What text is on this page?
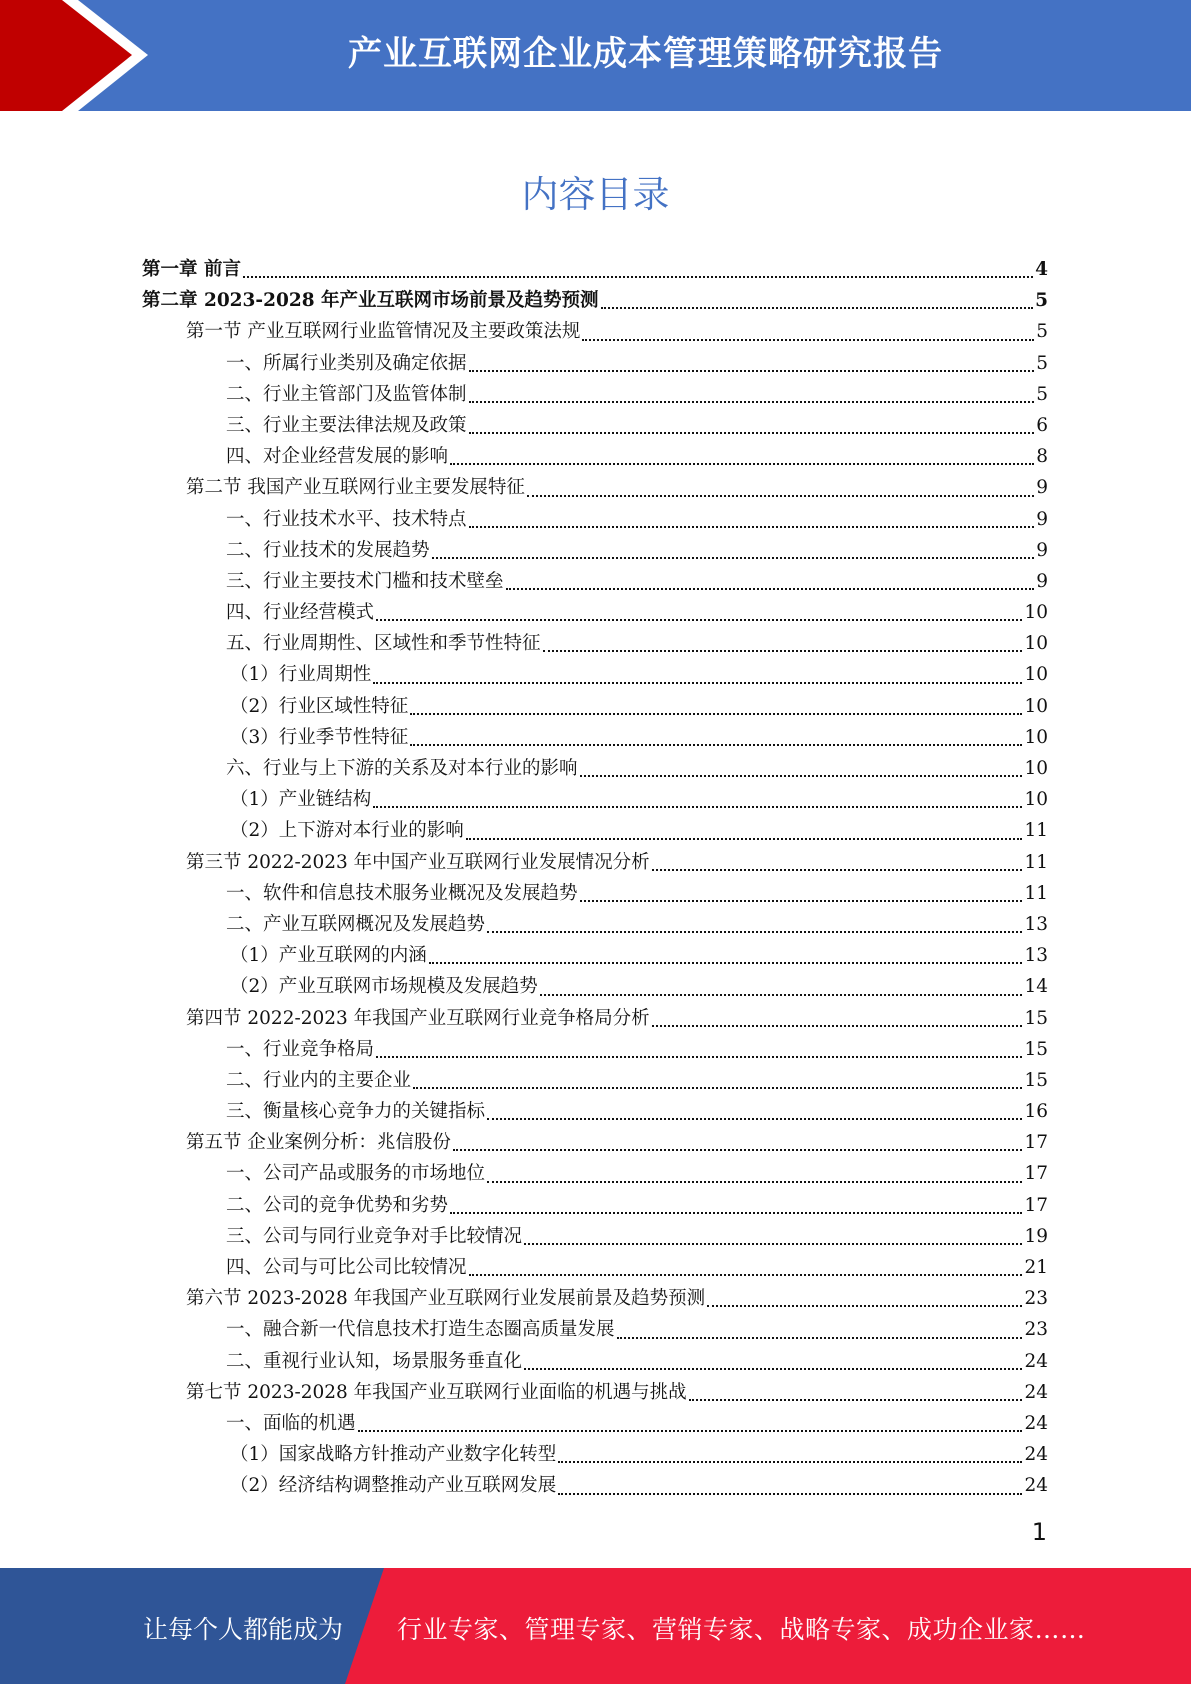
产业互联网企业成本管理策略研究报告
内容目录
第一章 前言	4
第二章 2023-2028 年产业互联网市场前景及趋势预测	5
第一节 产业互联网行业监管情况及主要政策法规	5
一、所属行业类别及确定依据	5
二、行业主管部门及监管体制	5
三、行业主要法律法规及政策	6
四、对企业经营发展的影响	8
第二节 我国产业互联网行业主要发展特征	9
一、行业技术水平、技术特点	9
二、行业技术的发展趋势	9
三、行业主要技术门槛和技术壁垒	9
四、行业经营模式	10
五、行业周期性、区域性和季节性特征	10
（1）行业周期性	10
（2）行业区域性特征	10
（3）行业季节性特征	10
六、行业与上下游的关系及对本行业的影响	10
（1）产业链结构	10
（2）上下游对本行业的影响	11
第三节 2022-2023 年中国产业互联网行业发展情况分析	11
一、软件和信息技术服务业概况及发展趋势	11
二、产业互联网概况及发展趋势	13
（1）产业互联网的内涵	13
（2）产业互联网市场规模及发展趋势	14
第四节 2022-2023 年我国产业互联网行业竞争格局分析	15
一、行业竞争格局	15
二、行业内的主要企业	15
三、衡量核心竞争力的关键指标	16
第五节 企业案例分析：兆信股份	17
一、公司产品或服务的市场地位	17
二、公司的竞争优势和劣势	17
三、公司与同行业竞争对手比较情况	19
四、公司与可比公司比较情况	21
第六节 2023-2028 年我国产业互联网行业发展前景及趋势预测	23
一、融合新一代信息技术打造生态圈高质量发展	23
二、重视行业认知，场景服务垂直化	24
第七节 2023-2028 年我国产业互联网行业面临的机遇与挑战	24
一、面临的机遇	24
（1）国家战略方针推动产业数字化转型	24
（2）经济结构调整推动产业互联网发展	24
1
让每个人都能成为 行业专家、管理专家、营销专家、战略专家、成功企业家……
